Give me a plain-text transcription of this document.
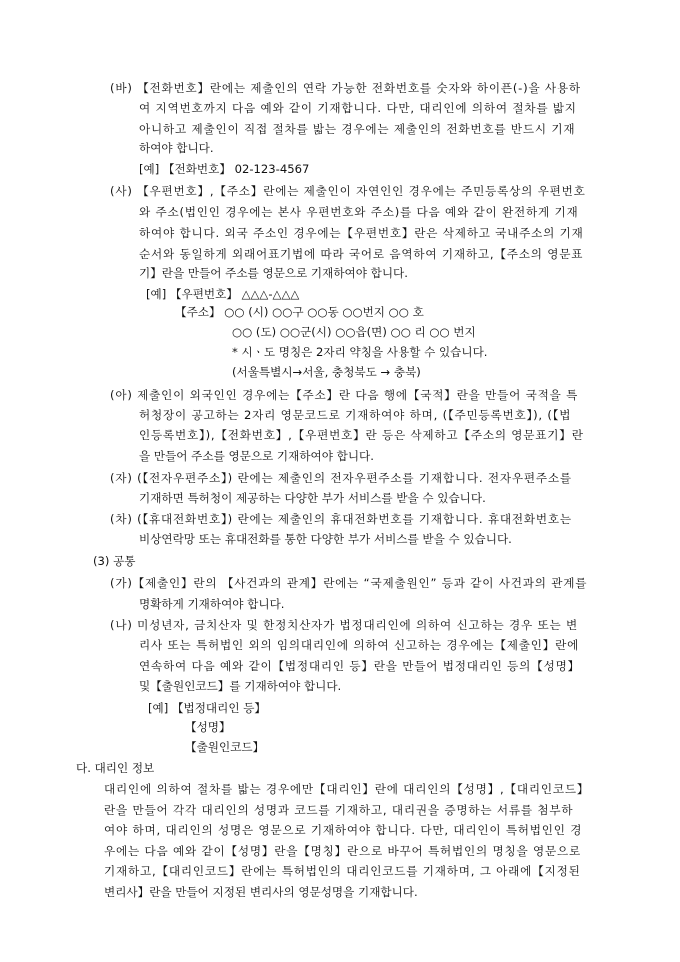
(바) 【전화번호】란에는 제출인의 연락 가능한 전화번호를 숫자와 하이픈(-)을 사용하

여 지역번호까지 다음 예와 같이 기재합니다. 다만, 대리인에 의하여 절차를 밟지

아니하고 제출인이 직접 절차를 밟는 경우에는 제출인의 전화번호를 반드시 기재

하여야 합니다.

[예] 【전화번호】 02-123-4567

(사) 【우편번호】,【주소】란에는 제출인이 자연인인 경우에는 주민등록상의 우편번호

와 주소(법인인 경우에는 본사 우편번호와 주소)를 다음 예와 같이 완전하게 기재

하여야 합니다. 외국 주소인 경우에는【우편번호】란은 삭제하고 국내주소의 기재

순서와 동일하게 외래어표기법에 따라 국어로 음역하여 기재하고,【주소의 영문표

기】란을 만들어 주소를 영문으로 기재하여야 합니다.

[예] 【우편번호】 △△△-△△△

【주소】 ○○ (시) ○○구 ○○동 ○○번지 ○○ 호

○○ (도) ○○군(시) ○○읍(면) ○○ 리 ○○ 번지

* 시ㆍ도 명칭은 2자리 약칭을 사용할 수 있습니다.

(서울특별시→서울, 충청북도 → 충북)

(아) 제출인이 외국인인 경우에는【주소】란 다음 행에【국적】란을 만들어 국적을 특

허청장이 공고하는 2자리 영문코드로 기재하여야 하며, (【주민등록번호】), (【법

인등록번호】),【전화번호】,【우편번호】란 등은 삭제하고【주소의 영문표기】란

을 만들어 주소를 영문으로 기재하여야 합니다.

(자) (【전자우편주소】) 란에는 제출인의 전자우편주소를 기재합니다. 전자우편주소를

기재하면 특허청이 제공하는 다양한 부가 서비스를 받을 수 있습니다.

(차) (【휴대전화번호】) 란에는 제출인의 휴대전화번호를 기재합니다. 휴대전화번호는

비상연락망 또는 휴대전화를 통한 다양한 부가 서비스를 받을 수 있습니다.

(3) 공통

(가)【제출인】란의 【사건과의 관계】란에는 “국제출원인” 등과 같이 사건과의 관계를

명확하게 기재하여야 합니다.

(나) 미성년자, 금치산자 및 한정치산자가 법정대리인에 의하여 신고하는 경우 또는 변

리사 또는 특허법인 외의 임의대리인에 의하여 신고하는 경우에는【제출인】란에

연속하여 다음 예와 같이【법정대리인 등】란을 만들어 법정대리인 등의【성명】

및【출원인코드】를 기재하여야 합니다.

[예] 【법정대리인 등】

【성명】

【출원인코드】

다. 대리인 정보

대리인에 의하여 절차를 밟는 경우에만【대리인】란에 대리인의【성명】,【대리인코드】

란을 만들어 각각 대리인의 성명과 코드를 기재하고, 대리권을 증명하는 서류를 첨부하

여야 하며, 대리인의 성명은 영문으로 기재하여야 합니다. 다만, 대리인이 특허법인인 경

우에는 다음 예와 같이【성명】란을【명칭】란으로 바꾸어 특허법인의 명칭을 영문으로

기재하고,【대리인코드】란에는 특허법인의 대리인코드를 기재하며, 그 아래에【지정된

변리사】란을 만들어 지정된 변리사의 영문성명을 기재합니다.
